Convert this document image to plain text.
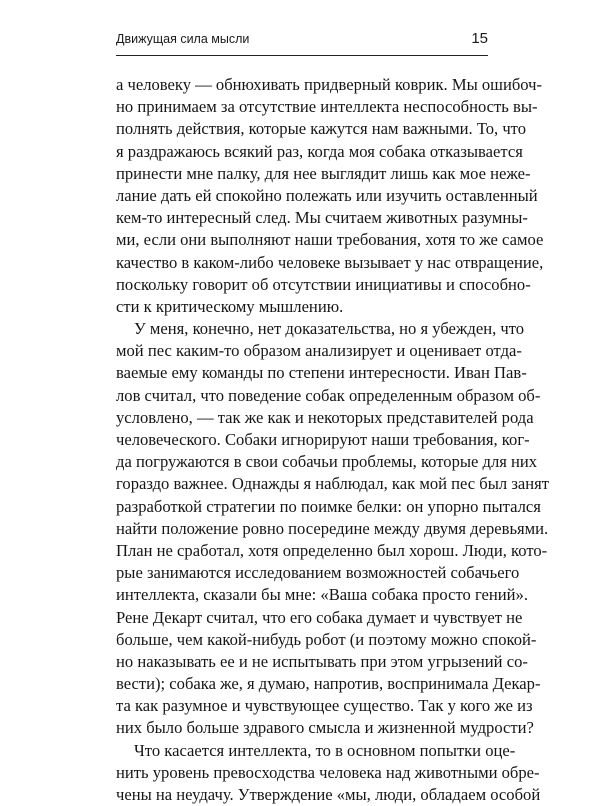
Движущая сила мысли	15
а человеку — обнюхивать придверный коврик. Мы ошибоч-
но принимаем за отсутствие интеллекта неспособность вы-
полнять действия, которые кажутся нам важными. То, что
я раздражаюсь всякий раз, когда моя собака отказывается
принести мне палку, для нее выглядит лишь как мое неже-
лание дать ей спокойно полежать или изучить оставленный
кем-то интересный след. Мы считаем животных разумны-
ми, если они выполняют наши требования, хотя то же самое
качество в каком-либо человеке вызывает у нас отвращение,
поскольку говорит об отсутствии инициативы и способно-
сти к критическому мышлению.
У меня, конечно, нет доказательства, но я убежден, что
мой пес каким-то образом анализирует и оценивает отда-
ваемые ему команды по степени интересности. Иван Пав-
лов считал, что поведение собак определенным образом об-
условлено, — так же как и некоторых представителей рода
человеческого. Собаки игнорируют наши требования, ког-
да погружаются в свои собачьи проблемы, которые для них
гораздо важнее. Однажды я наблюдал, как мой пес был занят
разработкой стратегии по поимке белки: он упорно пытался
найти положение ровно посередине между двумя деревьями.
План не сработал, хотя определенно был хорош. Люди, кото-
рые занимаются исследованием возможностей собачьего
интеллекта, сказали бы мне: «Ваша собака просто гений».
Рене Декарт считал, что его собака думает и чувствует не
больше, чем какой-нибудь робот (и поэтому можно спокой-
но наказывать ее и не испытывать при этом угрызений со-
вести); собака же, я думаю, напротив, воспринимала Декар-
та как разумное и чувствующее существо. Так у кого же из
них было больше здравого смысла и жизненной мудрости?
Что касается интеллекта, то в основном попытки оце-
нить уровень превосходства человека над животными обре-
чены на неудачу. Утверждение «мы, люди, обладаем особой
